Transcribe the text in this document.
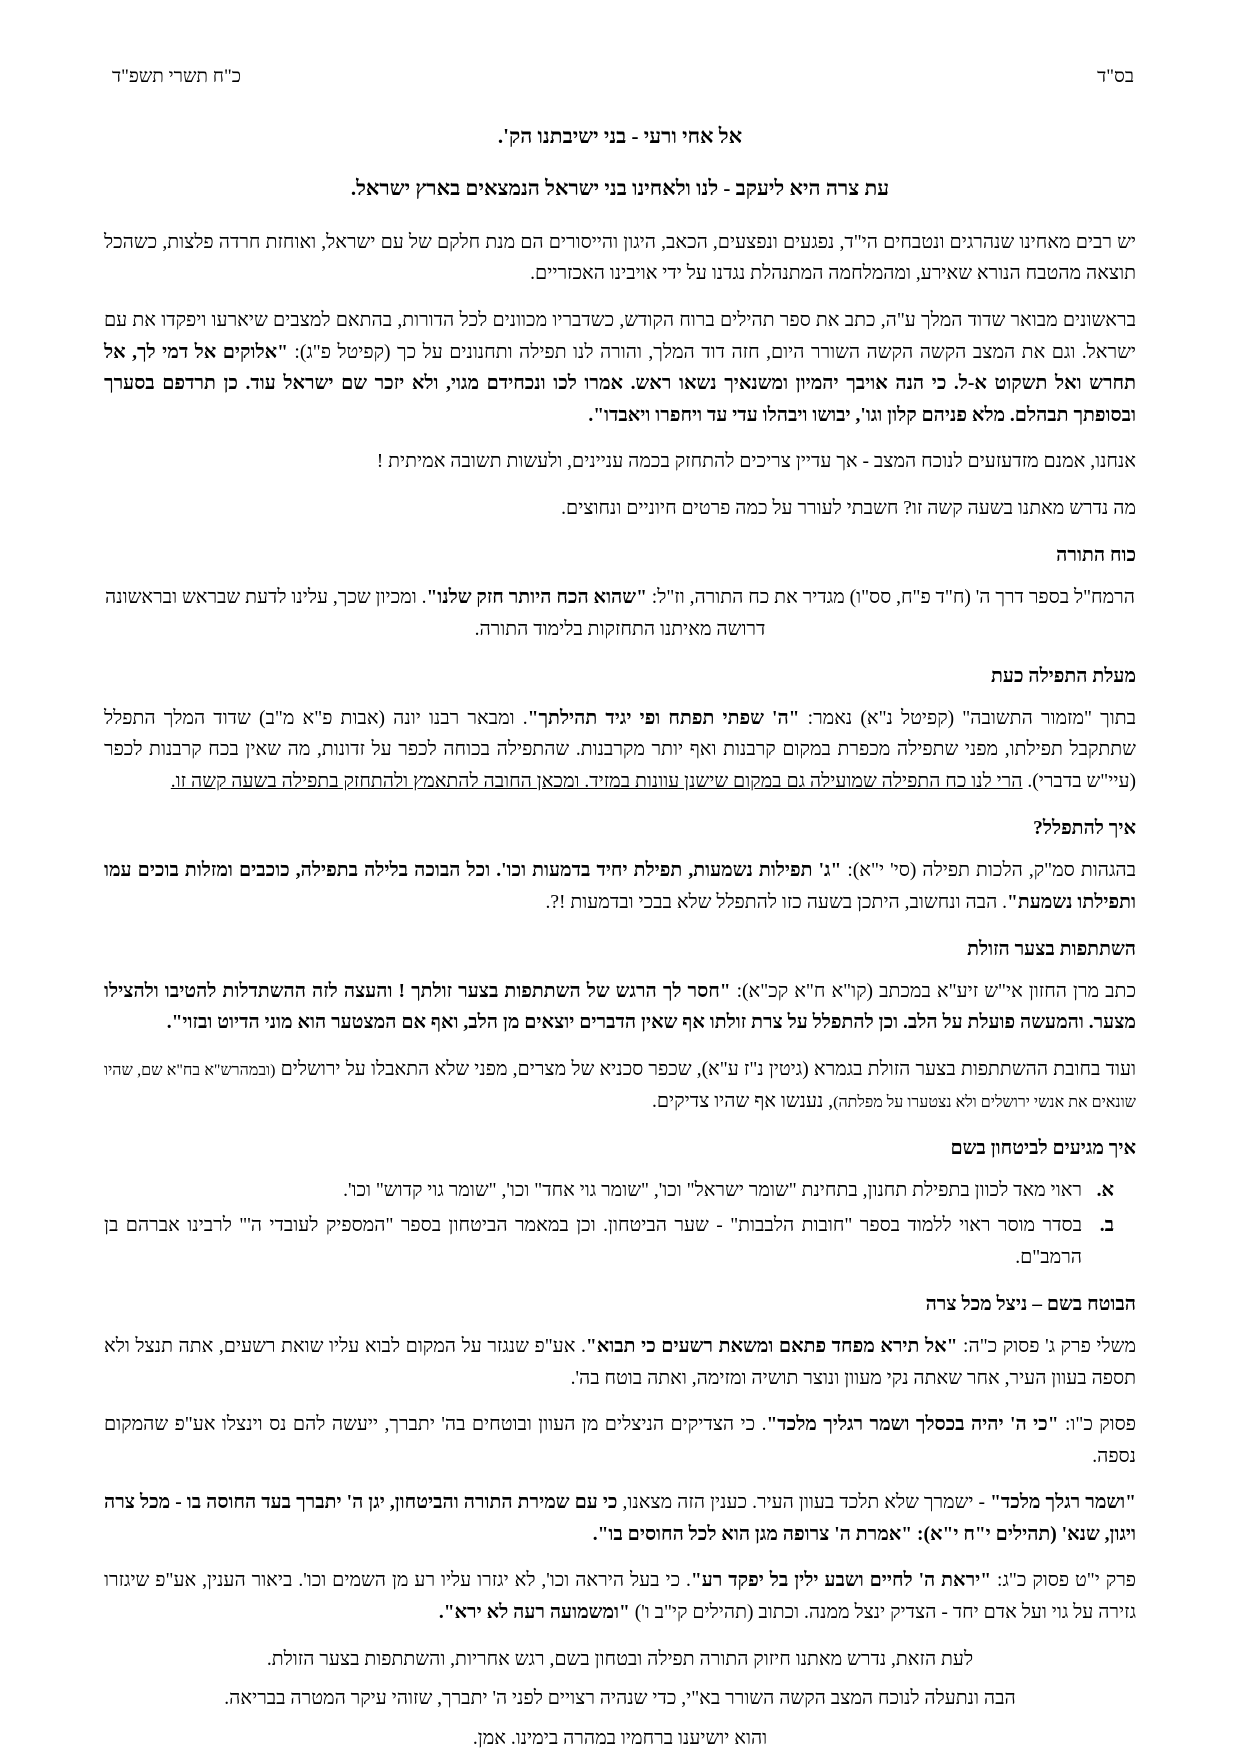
בס"ד
כ"ח תשרי תשפ"ד
אל אחי ורעי - בני ישיבתנו הק'.
עת צרה היא ליעקב - לנו ולאחינו בני ישראל הנמצאים בארץ ישראל.

יש רבים מאחינו שנהרגים ונטבחים הי"ד, נפגעים ונפצעים, הכאב, היגון והייסורים הם מנת חלקם של עם ישראל, ואוחזת חרדה פלצות, כשהכל תוצאה מהטבח הנורא שאירע, ומהמלחמה המתנהלת נגדנו על ידי אויבינו האכזריים.

בראשונים מבואר שדוד המלך ע"ה, כתב את ספר תהילים ברוח הקודש, כשדבריו מכוונים לכל הדורות, בהתאם למצבים שיארעו ויפקדו את עם ישראל. וגם את המצב הקשה הקשה השורר היום, חזה דוד המלך, והורה לנו תפילה ותחנונים על כך (קפיטל פ"ג): "אלוקים אל דמי לך, אל תחרש ואל תשקוט א-ל. כי הנה אויבך יהמיון ומשנאיך נשאו ראש. אמרו לכו ונכחידם מגוי, ולא יזכר שם ישראל עוד. כן תרדפם בסערך ובסופתך תבהלם. מלא פניהם קלון וגו', יבושו ויבהלו עדי עד ויחפרו ויאבדו".

אנחנו, אמנם מזדעזעים לנוכח המצב - אך עדיין צריכים להתחזק בכמה עניינים, ולעשות תשובה אמיתית !

מה נדרש מאתנו בשעה קשה זו? חשבתי לעורר על כמה פרטים חיוניים ונחוצים.

כוח התורה

הרמח"ל בספר דרך ה' (ח"ד פ"ח, סס"ו) מגדיר את כח התורה, וז"ל: "שהוא הכח היותר חזק שלנו". ומכיון שכך, עלינו לדעת שבראש ובראשונה דרושה מאיתנו התחזקות בלימוד התורה.

מעלת התפילה כעת

בתוך "מזמור התשובה" (קפיטל נ"א) נאמר: "ה' שפתי תפתח ופי יגיד תהילתך". ומבאר רבנו יונה (אבות פ"א מ"ב) שדוד המלך התפלל שתתקבל תפילתו, מפני שתפילה מכפרת במקום קרבנות ואף יותר מקרבנות. שהתפילה בכוחה לכפר על זדונות, מה שאין בכח קרבנות לכפר (עיי"ש בדברי). הרי לנו כח התפילה שמועילה גם במקום שישנן עוונות במזיד. ומכאן החובה להתאמץ ולהתחזק בתפילה בשעה קשה זו.

איך להתפלל?

בהגהות סמ"ק, הלכות תפילה (סי' י"א): "ג' תפילות נשמעות, תפילת יחיד בדמעות וכו'. וכל הבוכה בלילה בתפילה, כוכבים ומזלות בוכים עמו ותפילתו נשמעת". הבה ונחשוב, היתכן בשעה כזו להתפלל שלא בבכי ובדמעות !?.

השתתפות בצער הזולת

כתב מרן החזון אי"ש זיע"א במכתב (קו"א ח"א קכ"א): "חסר לך הרגש של השתתפות בצער זולתך ! והעצה לזה ההשתדלות להטיבו ולהצילו מצער. והמעשה פועלת על הלב. וכן להתפלל על צרת זולתו אף שאין הדברים יוצאים מן הלב, ואף אם המצטער הוא מוני הדיוט ובזוי".

ועוד בחובת ההשתתפות בצער הזולת בגמרא (גיטין נ"ז ע"א), שכפר סכניא של מצרים, מפני שלא התאבלו על ירושלים (ובמהרש"א בח"א שם, שהיו שונאים את אנשי ירושלים ולא נצטערו על מפלתה), נענשו אף שהיו צדיקים.

איך מגיעים לביטחון בשם
א.
ראוי מאד לכוון בתפילת תחנון, בתחינת "שומר ישראל" וכו', "שומר גוי אחד" וכו', "שומר גוי קדוש" וכו'.
ב.
בסדר מוסר ראוי ללמוד בספר "חובות הלבבות" - שער הביטחון. וכן במאמר הביטחון בספר "המספיק לעובדי ה'" לרבינו אברהם בן הרמב"ם.
הבוטח בשם – ניצל מכל צרה

משלי פרק ג' פסוק כ"ה: "אל תירא מפחד פתאם ומשאת רשעים כי תבוא". אע"פ שנגזר על המקום לבוא עליו שואת רשעים, אתה תנצל ולא תספה בעוון העיר, אחר שאתה נקי מעוון ונוצר תושיה ומזימה, ואתה בוטח בה'.

פסוק כ"ו: "כי ה' יהיה בכסלך ושמר רגליך מלכד". כי הצדיקים הניצלים מן העוון ובוטחים בה' יתברך, ייעשה להם נס וינצלו אע"פ שהמקום נספה.

"ושמר רגלך מלכד" - ישמרך שלא תלכד בעוון העיר. כענין הזה מצאנו, כי עם שמירת התורה והביטחון, יגן ה' יתברך בעד החוסה בו - מכל צרה ויגון, שנא' (תהילים י"ח י"א): "אמרת ה' צרופה מגן הוא לכל החוסים בו".

פרק י"ט פסוק כ"ג: "יראת ה' לחיים ושבע ילין בל יפקד רע". כי בעל היראה וכו', לא יגזרו עליו רע מן השמים וכו'. ביאור הענין, אע"פ שיגזרו גזירה על גוי ועל אדם יחד - הצדיק ינצל ממנה. וכתוב (תהילים קי"ב ו') "ומשמועה רעה לא ירא".

לעת הזאת, נדרש מאתנו חיזוק התורה תפילה ובטחון בשם, רגש אחריות, והשתתפות בצער הזולת.

הבה ונתעלה לנוכח המצב הקשה השורר בא"י, כדי שנהיה רצויים לפני ה' יתברך, שזוהי עיקר המטרה בבריאה.

והוא יושיענו ברחמיו במהרה בימינו. אמן.
